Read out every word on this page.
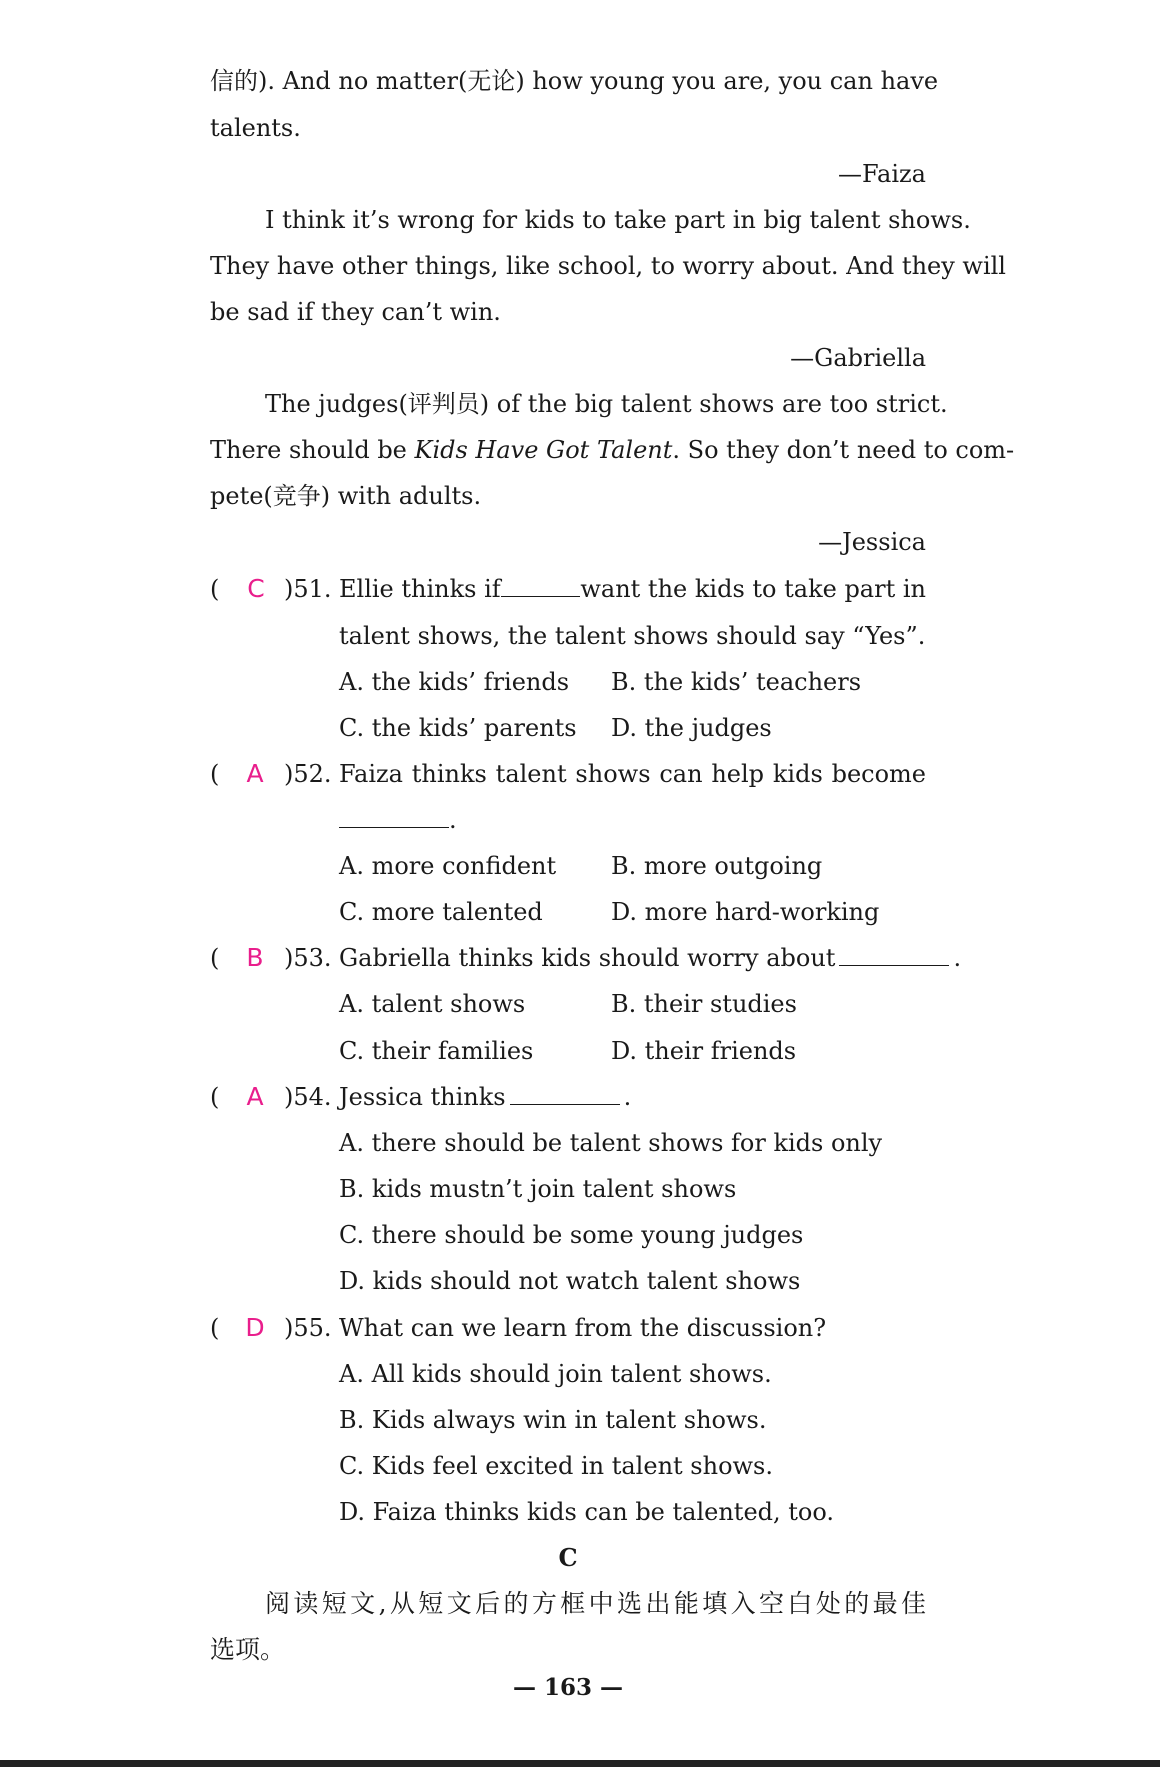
信的). And no matter(无论) how young you are, you can have
talents.
—Faiza
I think it’s wrong for kids to take part in big talent shows.
They have other things, like school, to worry about. And they will
be sad if they can’t win.
—Gabriella
The judges(评判员) of the big talent shows are too strict.
There should be Kids Have Got Talent. So they don’t need to com-
pete(竞争) with adults.
—Jessica
(	C )51. Ellie thinks if	want the kids to take part in
talent shows, the talent shows should say “Yes”.
A. the kids’ friends B. the kids’ teachers
C. the kids’ parents D. the judges
(	A )52. Faiza thinks talent shows can help kids become
.
A. more confident B. more outgoing
C. more talented	D. more hard-working
(	B )53. Gabriella thinks kids should worry about	.
A. talent shows	B. their studies
C. their families	D. their friends
(	A )54. Jessica thinks	.
A. there should be talent shows for kids only
B. kids mustn’t join talent shows
C. there should be some young judges
D. kids should not watch talent shows
(	D )55. What can we learn from the discussion?
A. All kids should join talent shows.
B. Kids always win in talent shows.
C. Kids feel excited in talent shows.
D. Faiza thinks kids can be talented, too.
C
阅读短文,从短文后的方框中选出能填入空白处的最佳
选项。
— 163 —
